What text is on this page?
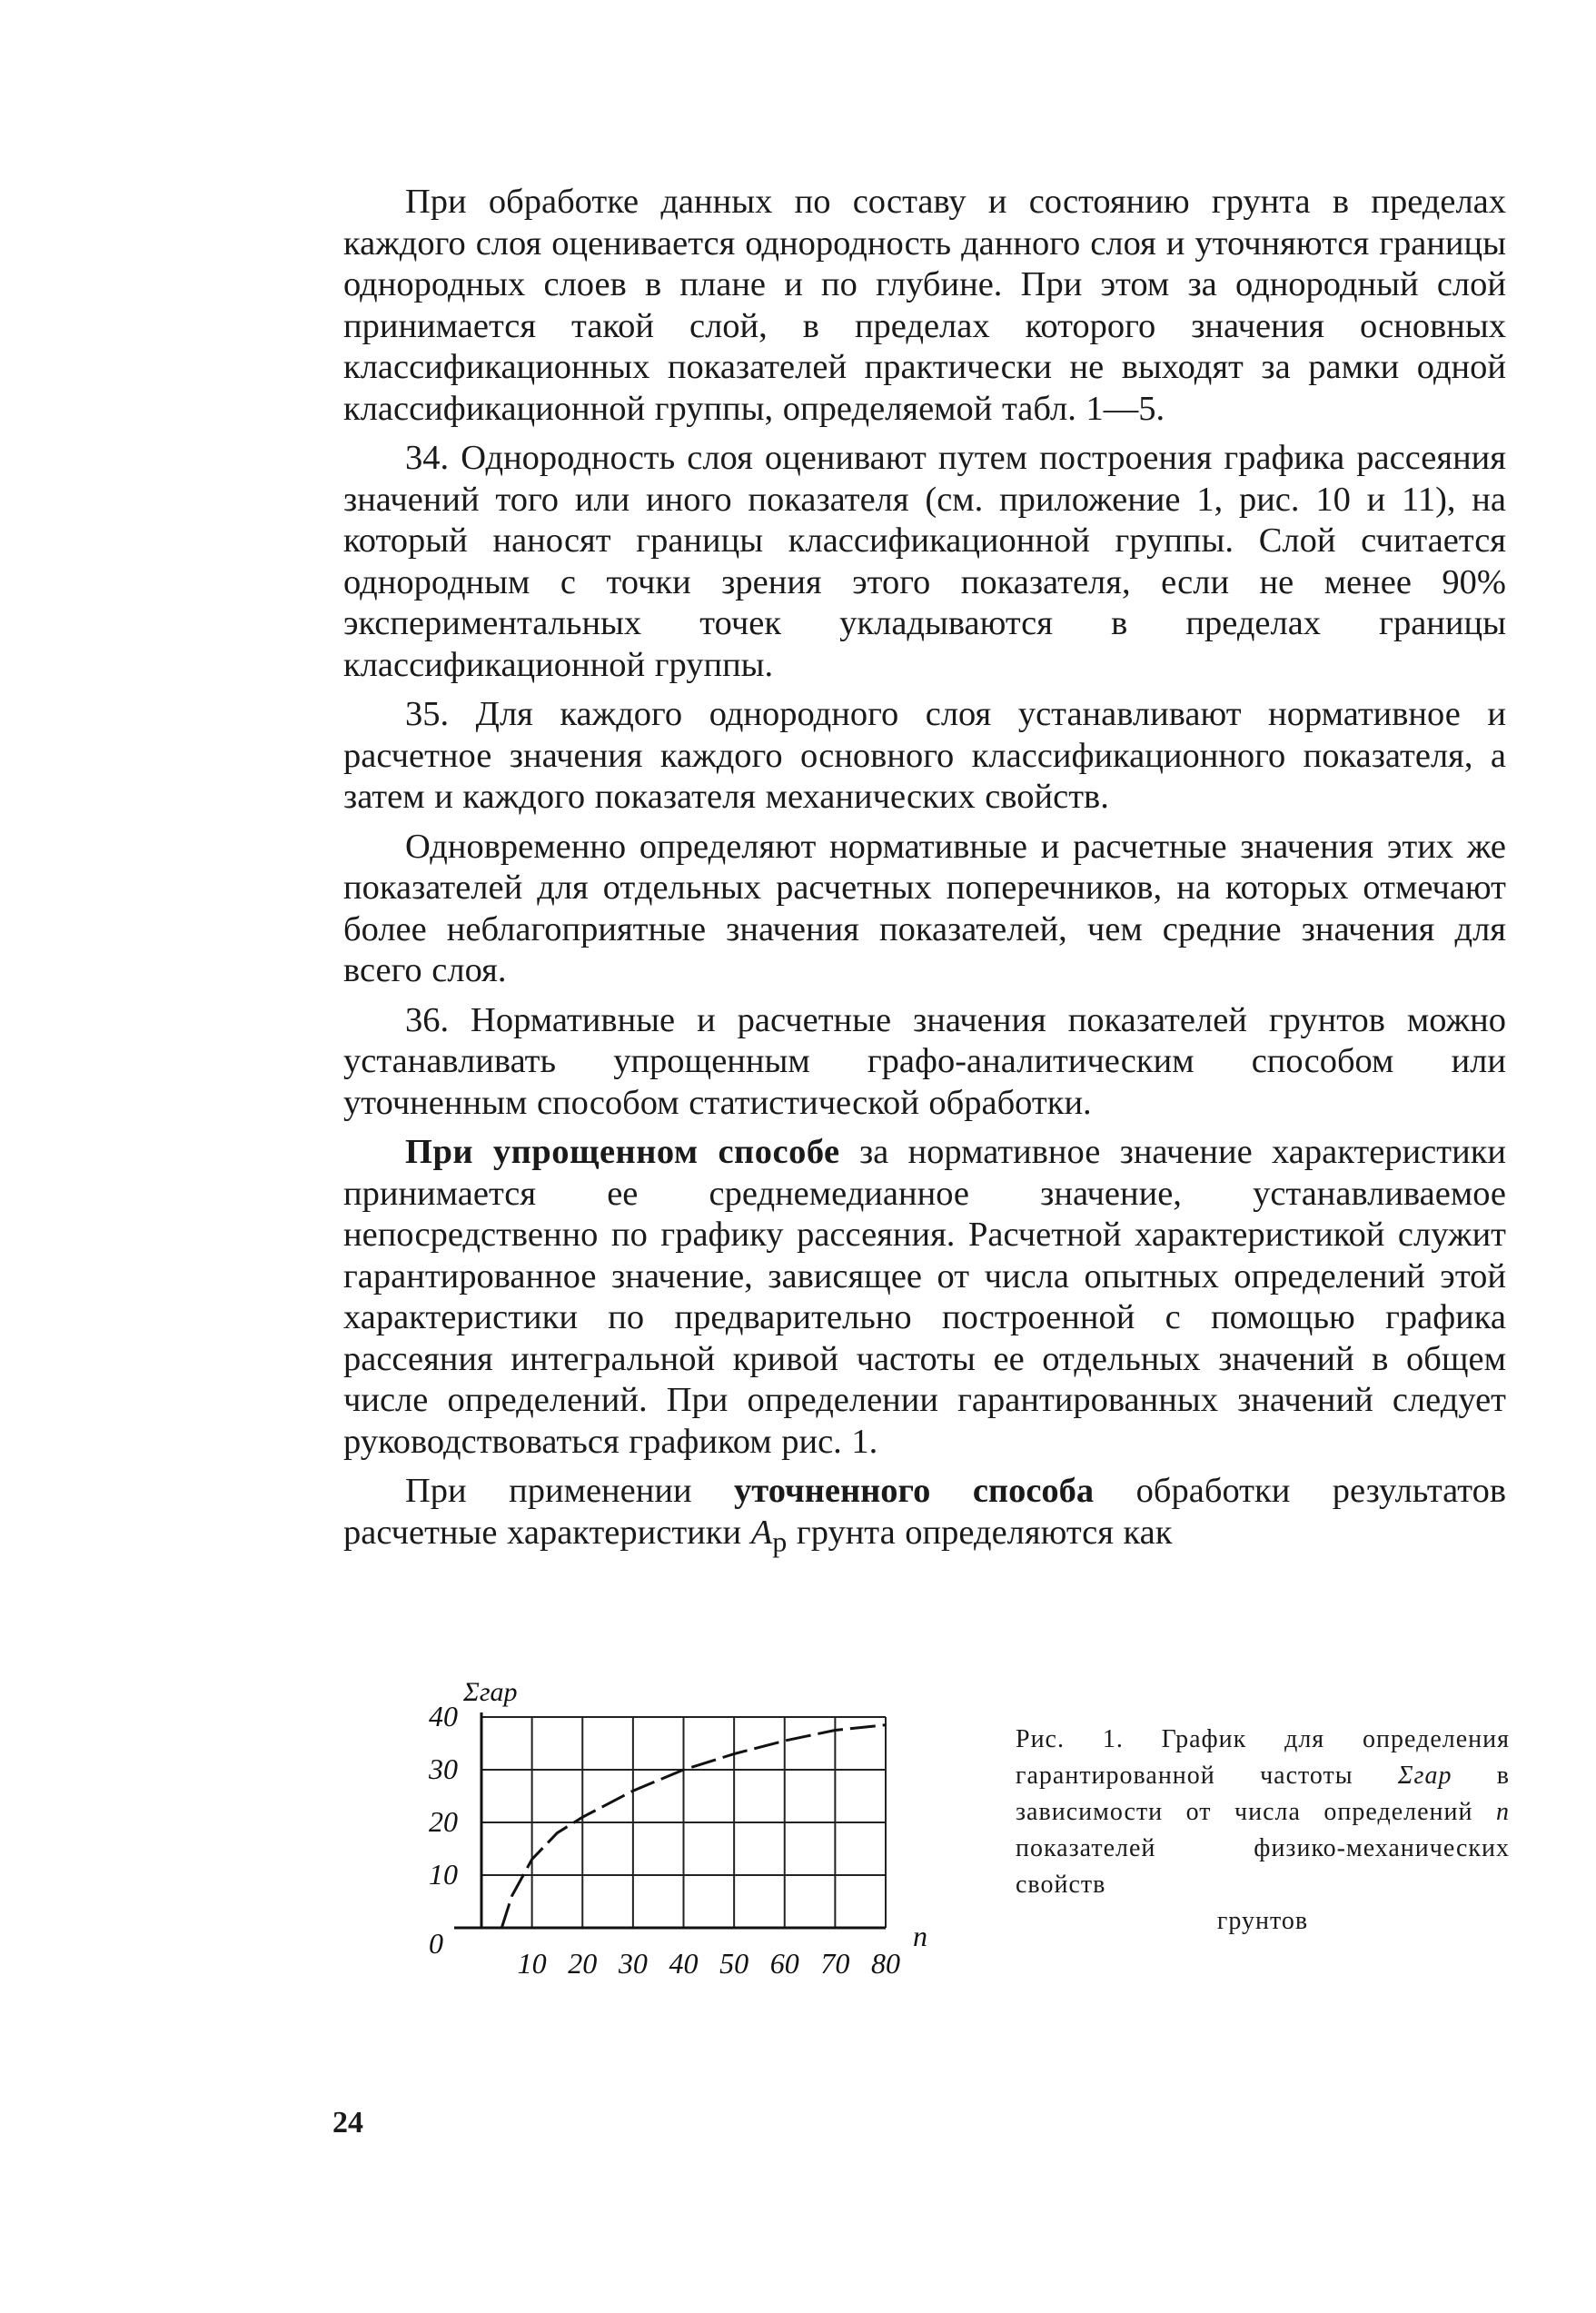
При обработке данных по составу и состоянию грунта в пределах каждого слоя оценивается однородность данного слоя и уточняются границы однородных слоев в плане и по глубине. При этом за однородный слой принимается такой слой, в пределах которого значения основных классификационных показателей практически не выходят за рамки одной классификационной группы, определяемой табл. 1—5.

34. Однородность слоя оценивают путем построения графика рассеяния значений того или иного показателя (см. приложение 1, рис. 10 и 11), на который наносят границы классификационной группы. Слой считается однородным с точки зрения этого показателя, если не менее 90% экспериментальных точек укладываются в пределах границы классификационной группы.

35. Для каждого однородного слоя устанавливают нормативное и расчетное значения каждого основного классификационного показателя, а затем и каждого показателя механических свойств.

Одновременно определяют нормативные и расчетные значения этих же показателей для отдельных расчетных поперечников, на которых отмечают более неблагоприятные значения показателей, чем средние значения для всего слоя.

36. Нормативные и расчетные значения показателей грунтов можно устанавливать упрощенным графо-аналитическим способом или уточненным способом статистической обработки.

При упрощенном способе за нормативное значение характеристики принимается ее среднемедианное значение, устанавливаемое непосредственно по графику рассеяния. Расчетной характеристикой служит гарантированное значение, зависящее от числа опытных определений этой характеристики по предварительно построенной с помощью графика рассеяния интегральной кривой частоты ее отдельных значений в общем числе определений. При определении гарантированных значений следует руководствоваться графиком рис. 1.

При применении уточненного способа обработки результатов расчетные характеристики $A_р$ грунта определяются как

0
10
20
30
40
10 20 30 40 50 60 70 80
Σгар
n
Рис. 1. График для определения гарантированной частоты Σгар в зависимости от числа определений n показателей физико-механических свойств
грунтов
24
